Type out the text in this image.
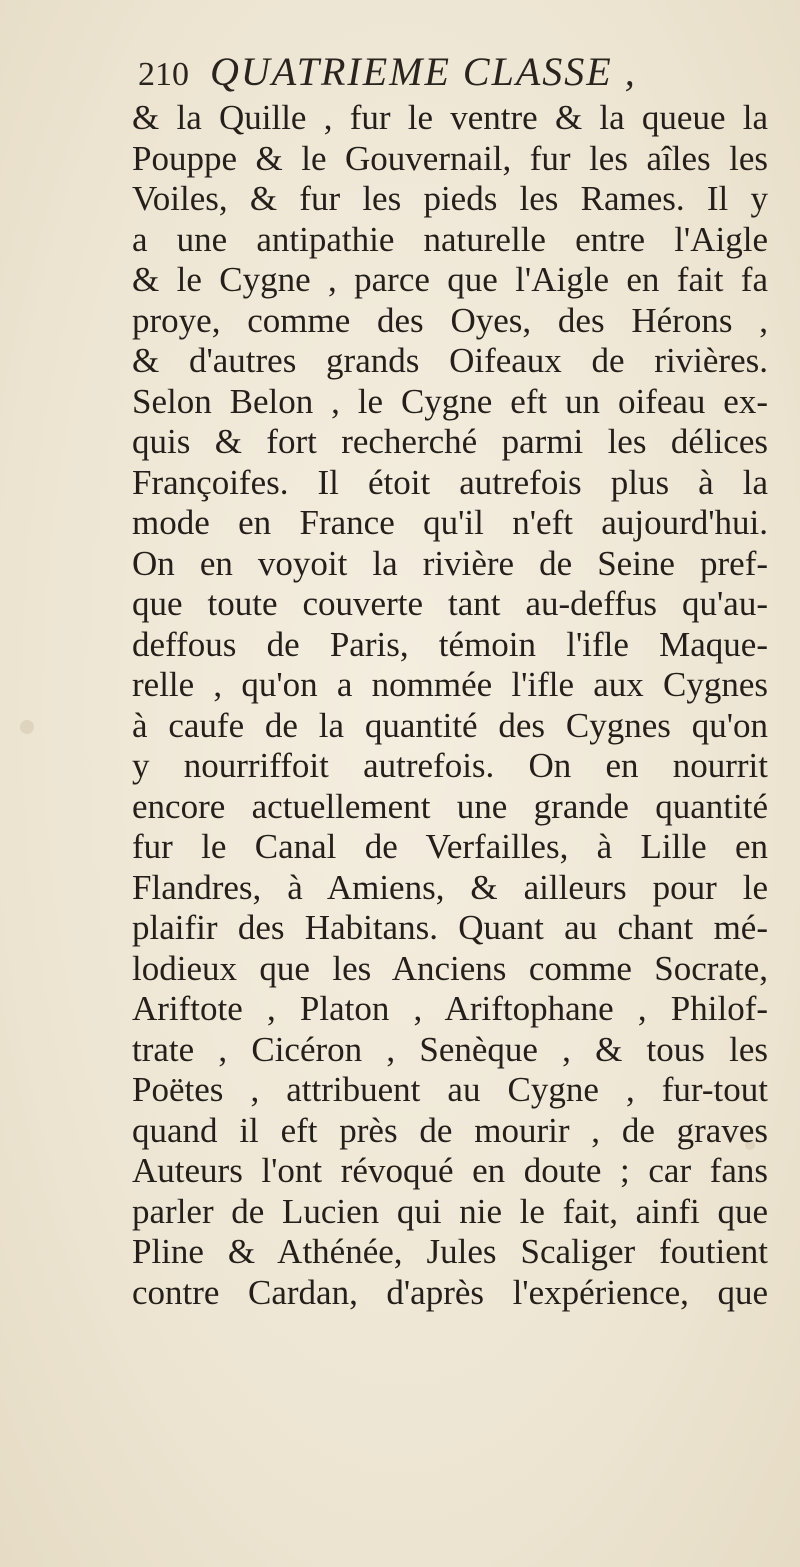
210 QUATRIEME CLASSE ,
& la Quille , fur le ventre & la queue la
Pouppe & le Gouvernail, fur les aîles les
Voiles, & fur les pieds les Rames. Il y
a une antipathie naturelle entre l'Aigle
& le Cygne , parce que l'Aigle en fait fa
proye, comme des Oyes, des Hérons ,
& d'autres grands Oifeaux de rivières.
Selon Belon , le Cygne eft un oifeau ex-
quis & fort recherché parmi les délices
Françoifes. Il étoit autrefois plus à la
mode en France qu'il n'eft aujourd'hui.
On en voyoit la rivière de Seine pref-
que toute couverte tant au-deffus qu'au-
deffous de Paris, témoin l'ifle Maque-
relle , qu'on a nommée l'ifle aux Cygnes
à caufe de la quantité des Cygnes qu'on
y nourriffoit autrefois. On en nourrit
encore actuellement une grande quantité
fur le Canal de Verfailles, à Lille en
Flandres, à Amiens, & ailleurs pour le
plaifir des Habitans. Quant au chant mé-
lodieux que les Anciens comme Socrate,
Ariftote , Platon , Ariftophane , Philof-
trate , Cicéron , Senèque , & tous les
Poëtes , attribuent au Cygne , fur-tout
quand il eft près de mourir , de graves
Auteurs l'ont révoqué en doute ; car fans
parler de Lucien qui nie le fait, ainfi que
Pline & Athénée, Jules Scaliger foutient
contre Cardan, d'après l'expérience, que
